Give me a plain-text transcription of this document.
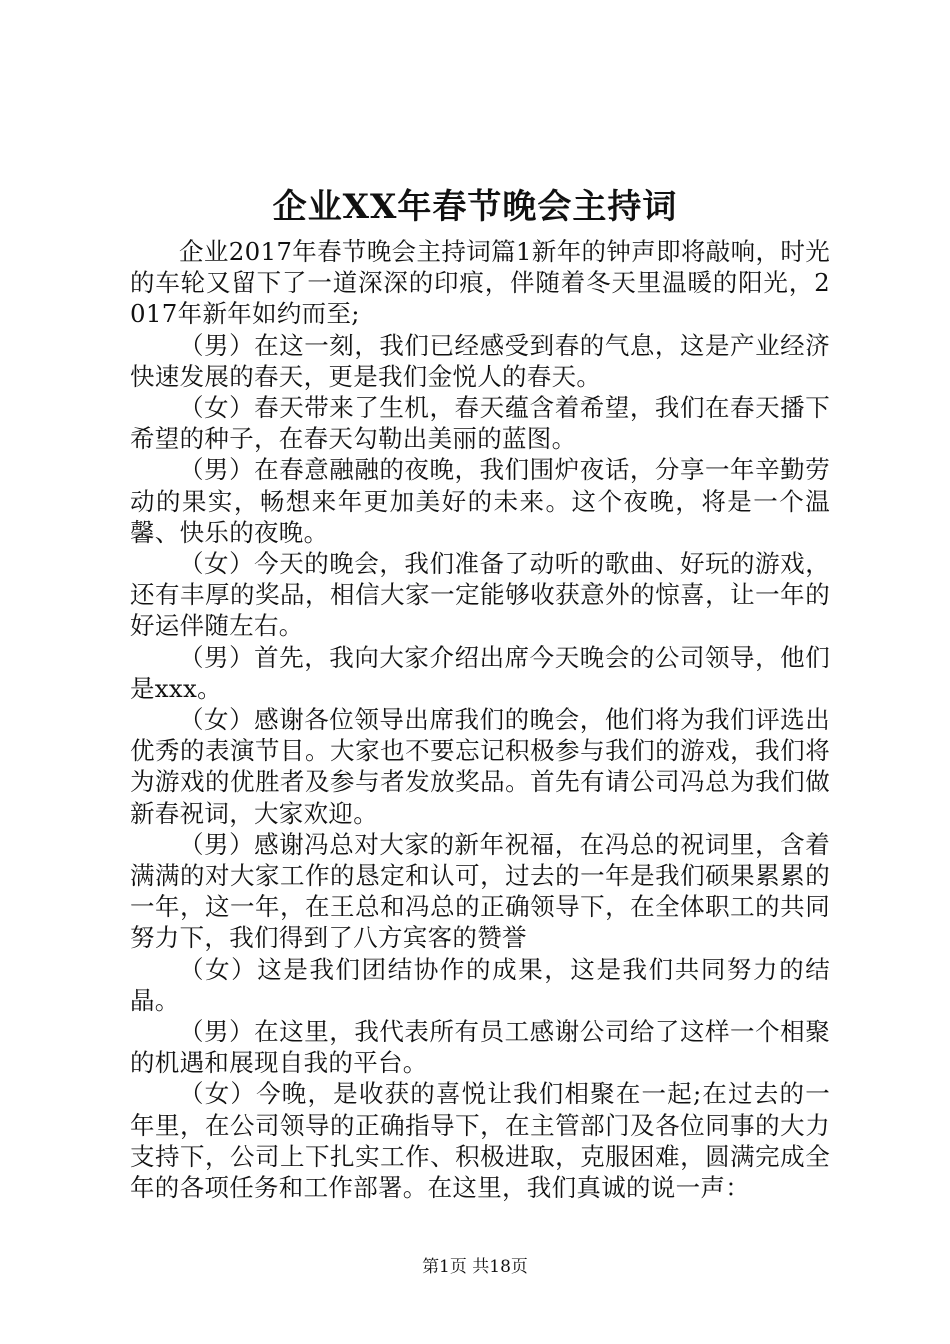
企业XX年春节晚会主持词

企业2017年春节晚会主持词篇1新年的钟声即将敲响，时光的车轮又留下了一道深深的印痕，伴随着冬天里温暖的阳光，2017年新年如约而至;

（男）在这一刻，我们已经感受到春的气息，这是产业经济快速发展的春天，更是我们金悦人的春天。

（女）春天带来了生机，春天蕴含着希望，我们在春天播下希望的种子，在春天勾勒出美丽的蓝图。

（男）在春意融融的夜晚，我们围炉夜话，分享一年辛勤劳动的果实，畅想来年更加美好的未来。这个夜晚，将是一个温馨、快乐的夜晚。

（女）今天的晚会，我们准备了动听的歌曲、好玩的游戏，还有丰厚的奖品，相信大家一定能够收获意外的惊喜，让一年的好运伴随左右。

（男）首先，我向大家介绍出席今天晚会的公司领导，他们是xxx。

（女）感谢各位领导出席我们的晚会，他们将为我们评选出优秀的表演节目。大家也不要忘记积极参与我们的游戏，我们将为游戏的优胜者及参与者发放奖品。首先有请公司冯总为我们做新春祝词，大家欢迎。

（男）感谢冯总对大家的新年祝福，在冯总的祝词里，含着满满的对大家工作的恳定和认可，过去的一年是我们硕果累累的一年，这一年，在王总和冯总的正确领导下，在全体职工的共同努力下，我们得到了八方宾客的赞誉

（女）这是我们团结协作的成果，这是我们共同努力的结晶。

（男）在这里，我代表所有员工感谢公司给了这样一个相聚的机遇和展现自我的平台。

（女）今晚，是收获的喜悦让我们相聚在一起;在过去的一年里，在公司领导的正确指导下，在主管部门及各位同事的大力支持下，公司上下扎实工作、积极进取，克服困难，圆满完成全年的各项任务和工作部署。在这里，我们真诚的说一声：

第1页 共18页
